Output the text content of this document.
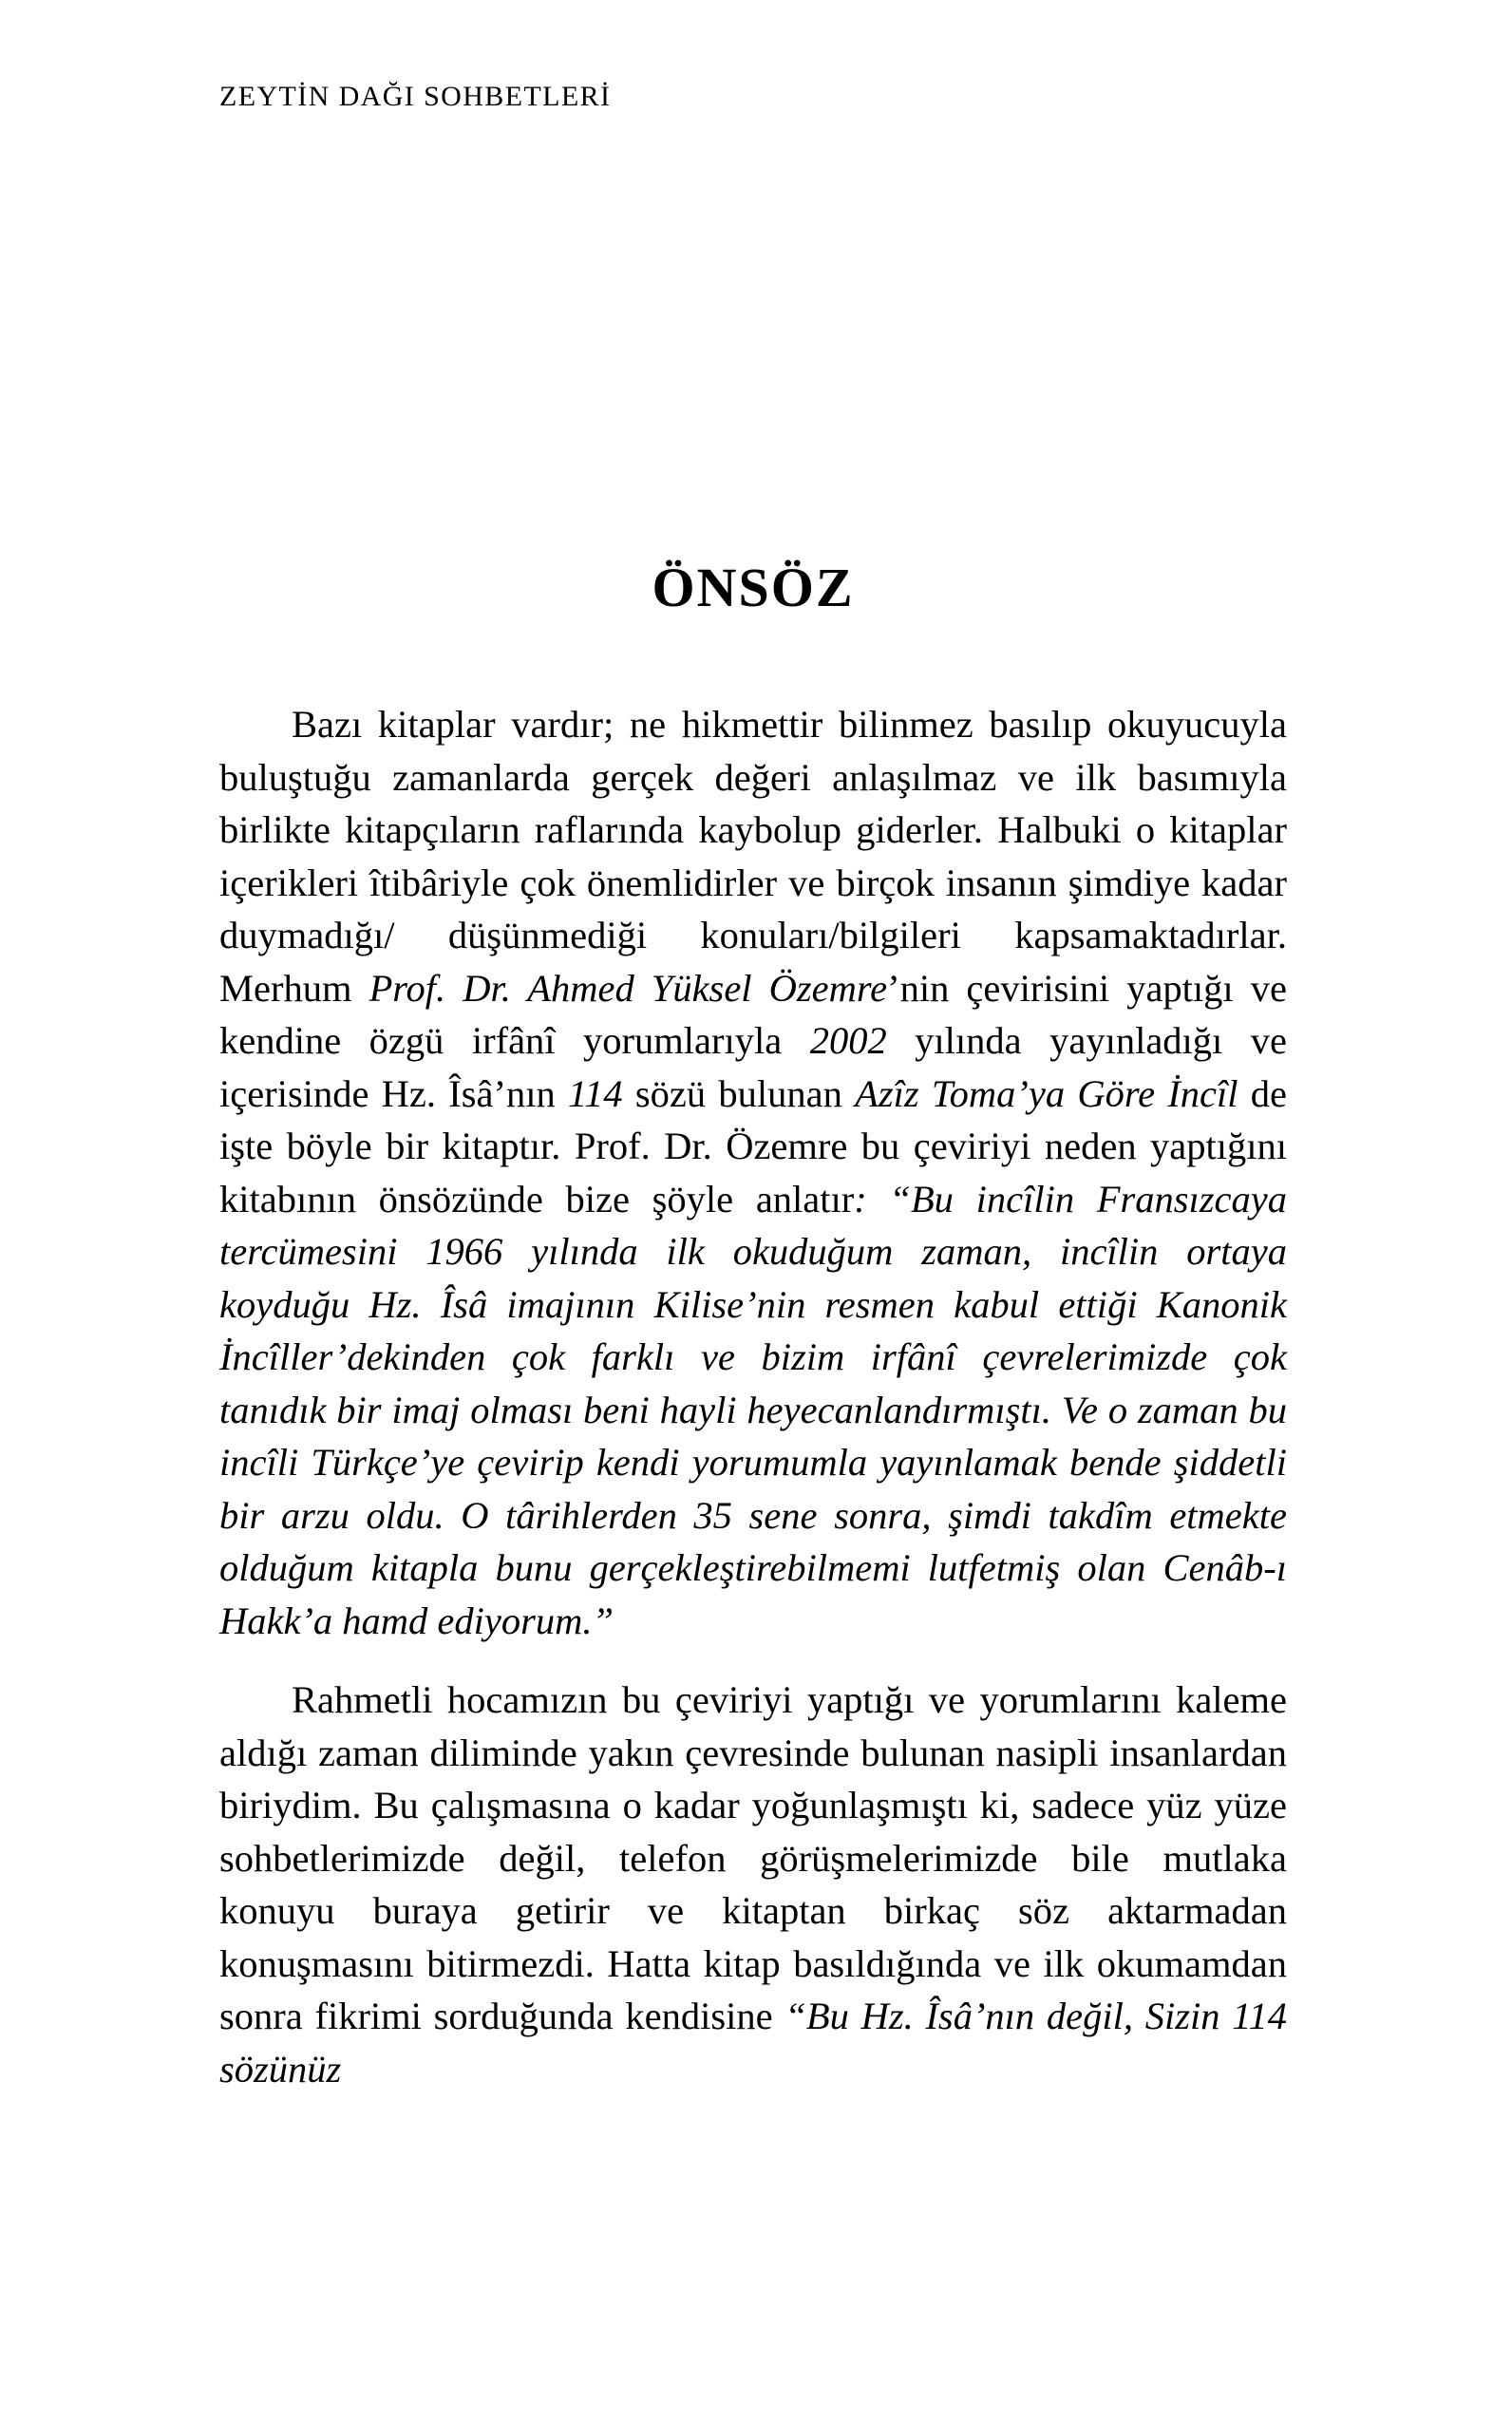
ZEYTİN DAĞI SOHBETLERİ
ÖNSÖZ

Bazı kitaplar vardır; ne hikmettir bilinmez basılıp okuyucuyla buluştuğu zamanlarda gerçek değeri anlaşılmaz ve ilk basımıyla birlikte kitapçıların raflarında kaybolup giderler. Halbuki o kitaplar içerikleri îtibâriyle çok önemlidirler ve birçok insanın şimdiye kadar duymadığı/ düşünmediği konuları/bilgileri kapsamaktadırlar. Merhum Prof. Dr. Ahmed Yüksel Özemre’nin çevirisini yaptığı ve kendine özgü irfânî yorumlarıyla 2002 yılında yayınladığı ve içerisinde Hz. Îsâ’nın 114 sözü bulunan Azîz Toma’ya Göre İncîl de işte böyle bir kitaptır. Prof. Dr. Özemre bu çeviriyi neden yaptığını kitabının önsözünde bize şöyle anlatır: “Bu incîlin Fransızcaya tercümesini 1966 yılında ilk okuduğum zaman, incîlin ortaya koyduğu Hz. Îsâ imajının Kilise’nin resmen kabul ettiği Kanonik İncîller’dekinden çok farklı ve bizim irfânî çevrelerimizde çok tanıdık bir imaj olması beni hayli heyecanlandırmıştı. Ve o zaman bu incîli Türkçe’ye çevirip kendi yorumumla yayınlamak bende şiddetli bir arzu oldu. O târihlerden 35 sene sonra, şimdi takdîm etmekte olduğum kitapla bunu gerçekleştirebilmemi lutfetmiş olan Cenâb-ı Hakk’a hamd ediyorum.”

Rahmetli hocamızın bu çeviriyi yaptığı ve yorumlarını kaleme aldığı zaman diliminde yakın çevresinde bulunan nasipli insanlardan biriydim. Bu çalışmasına o kadar yoğunlaşmıştı ki, sadece yüz yüze sohbetlerimizde değil, telefon görüşmelerimizde bile mutlaka konuyu buraya getirir ve kitaptan birkaç söz aktarmadan konuşmasını bitirmezdi. Hatta kitap basıldığında ve ilk okumamdan sonra fikrimi sorduğunda kendisine “Bu Hz. Îsâ’nın değil, Sizin 114 sözünüz
